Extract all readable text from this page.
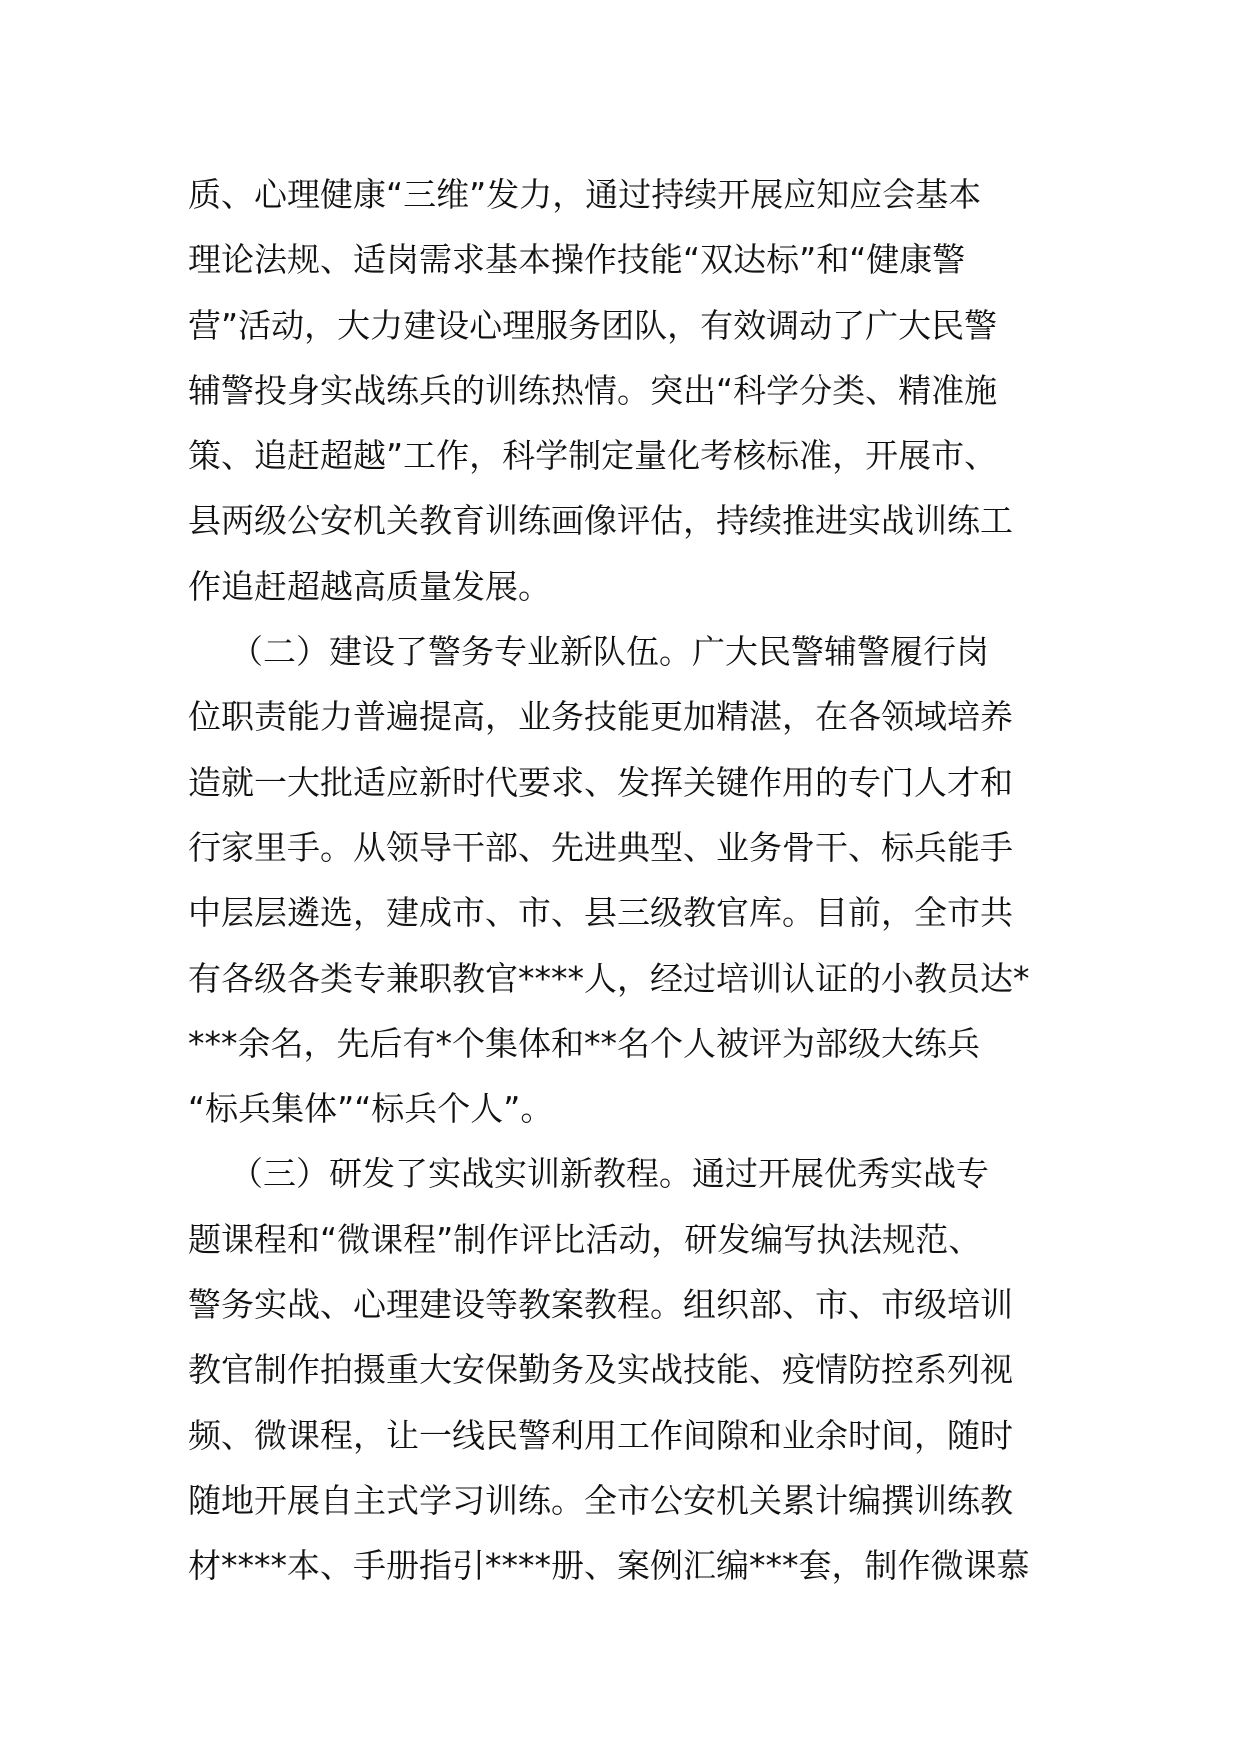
质、心理健康“三维”发力，通过持续开展应知应会基本
理论法规、适岗需求基本操作技能“双达标”和“健康警
营”活动，大力建设心理服务团队，有效调动了广大民警
辅警投身实战练兵的训练热情。突出“科学分类、精准施
策、追赶超越”工作，科学制定量化考核标准，开展市、
县两级公安机关教育训练画像评估，持续推进实战训练工
作追赶超越高质量发展。
（二）建设了警务专业新队伍。广大民警辅警履行岗
位职责能力普遍提高，业务技能更加精湛，在各领域培养
造就一大批适应新时代要求、发挥关键作用的专门人才和
行家里手。从领导干部、先进典型、业务骨干、标兵能手
中层层遴选，建成市、市、县三级教官库。目前，全市共
有各级各类专兼职教官****人，经过培训认证的小教员达*
***余名，先后有*个集体和**名个人被评为部级大练兵
“标兵集体”“标兵个人”。
（三）研发了实战实训新教程。通过开展优秀实战专
题课程和“微课程”制作评比活动，研发编写执法规范、
警务实战、心理建设等教案教程。组织部、市、市级培训
教官制作拍摄重大安保勤务及实战技能、疫情防控系列视
频、微课程，让一线民警利用工作间隙和业余时间，随时
随地开展自主式学习训练。全市公安机关累计编撰训练教
材****本、手册指引****册、案例汇编***套，制作微课慕
